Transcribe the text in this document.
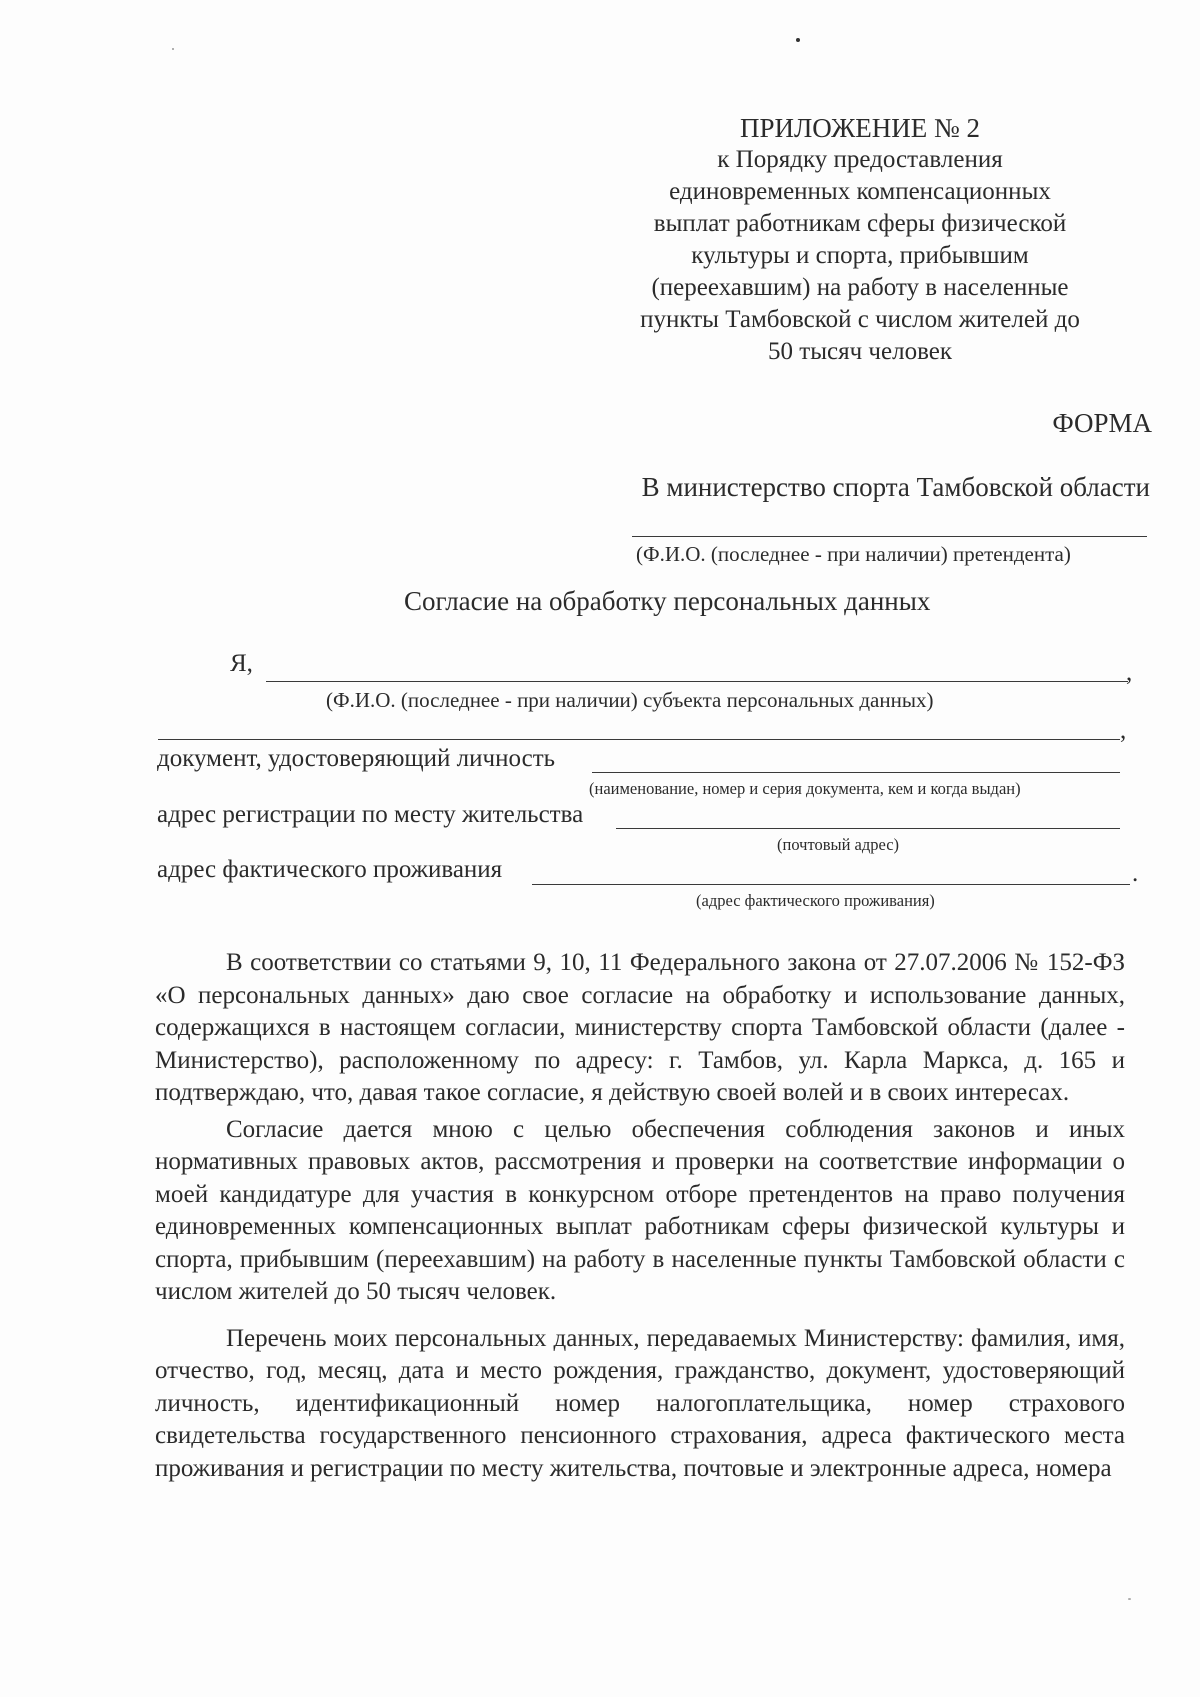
ПРИЛОЖЕНИЕ № 2
к Порядку предоставления
единовременных компенсационных
выплат работникам сферы физической
культуры и спорта, прибывшим
(переехавшим) на работу в населенные
пункты Тамбовской с числом жителей до
50 тысяч человек
ФОРМА
В министерство спорта Тамбовской области
(Ф.И.О. (последнее - при наличии) претендента)
Согласие на обработку персональных данных
Я,	,
(Ф.И.О. (последнее - при наличии) субъекта персональных данных)
,
документ, удостоверяющий личность
(наименование, номер и серия документа, кем и когда выдан)
адрес регистрации по месту жительства
(почтовый адрес)
адрес фактического проживания	.
(адрес фактического проживания)

В соответствии со статьями 9, 10, 11 Федерального закона от 27.07.2006 № 152-ФЗ «О персональных данных» даю свое согласие на обработку и использование данных, содержащихся в настоящем согласии, министерству спорта Тамбовской области (далее - Министерство), расположенному по адресу: г. Тамбов, ул. Карла Маркса, д. 165 и подтверждаю, что, давая такое согласие, я действую своей волей и в своих интересах.

Согласие дается мною с целью обеспечения соблюдения законов и иных нормативных правовых актов, рассмотрения и проверки на соответствие информации о моей кандидатуре для участия в конкурсном отборе претендентов на право получения единовременных компенсационных выплат работникам сферы физической культуры и спорта, прибывшим (переехавшим) на работу в населенные пункты Тамбовской области с числом жителей до 50 тысяч человек.

Перечень моих персональных данных, передаваемых Министерству: фамилия, имя, отчество, год, месяц, дата и место рождения, гражданство, документ, удостоверяющий личность, идентификационный номер налогоплательщика, номер страхового свидетельства государственного пенсионного страхования, адреса фактического места проживания и регистрации по месту жительства, почтовые и электронные адреса, номера
